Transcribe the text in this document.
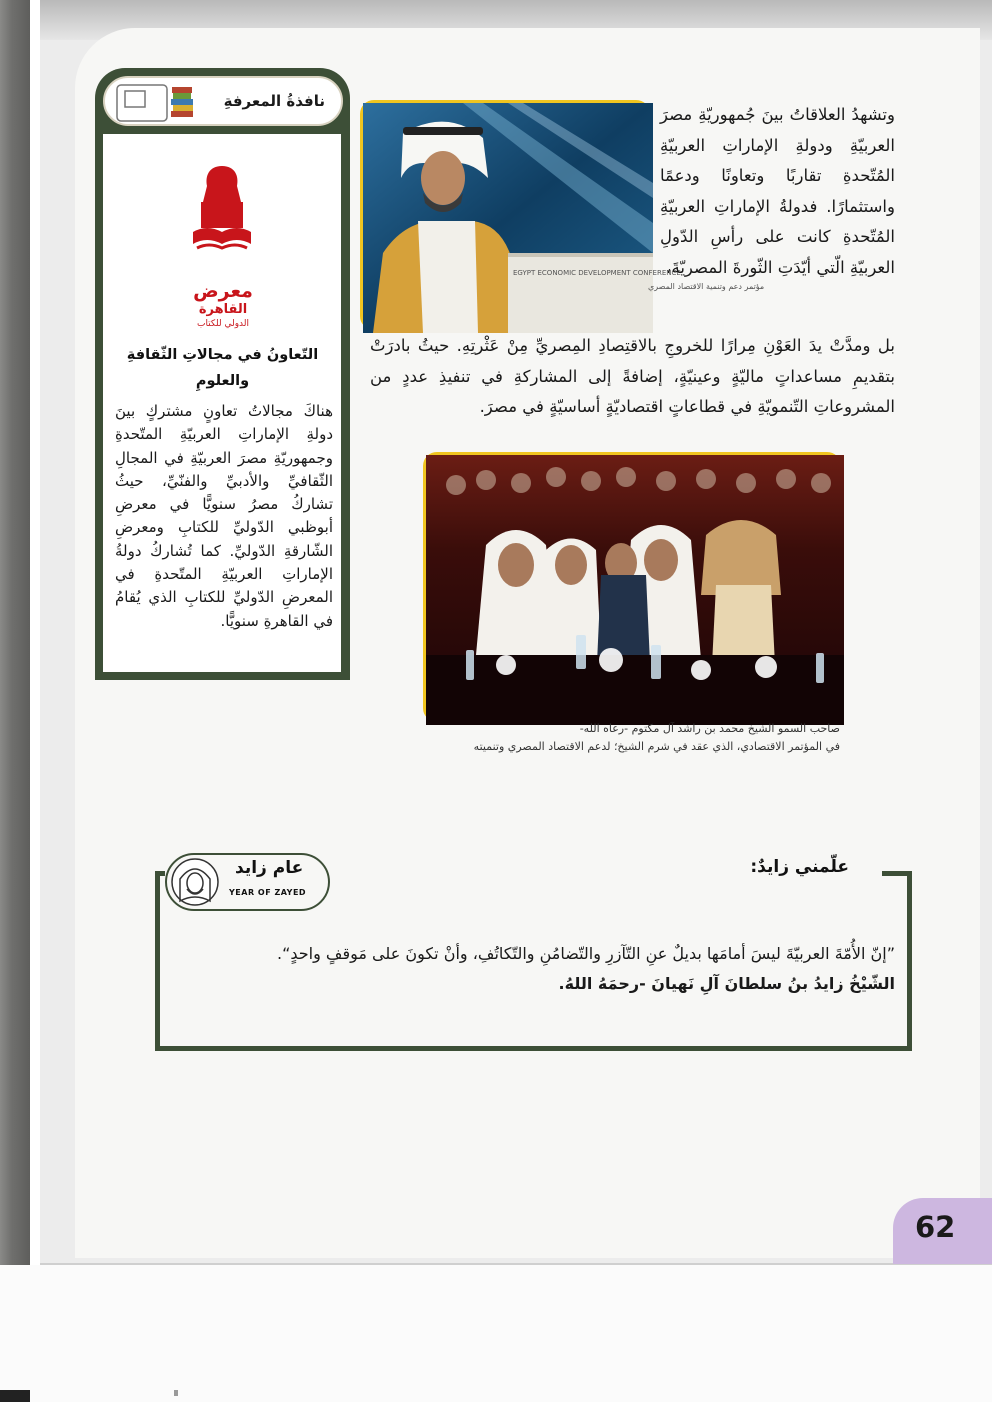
معرض
القاهرة
الدولي للكتاب
التّعاونُ في مجالاتِ الثّقافةِ والعلومِ
هناكَ مجالاتُ تعاونٍ مشتركٍ بينَ دولةِ الإماراتِ العربيّةِ المتّحدةِ وجمهوريّةِ مصرَ العربيّةِ في المجالِ الثّقافيِّ والأدبيِّ والفنّيِّ، حيثُ تشاركُ مصرُ سنويًّا في معرضِ أبوظبي الدّوليِّ للكتابِ ومعرضِ الشّارقةِ الدّوليِّ. كما تُشاركُ دولةُ الإماراتِ العربيّةِ المتّحدةِ في المعرضِ الدّوليِّ للكتابِ الذي يُقامُ في القاهرةِ سنويًّا.
نافذةُ المعرفةِ
EGYPT ECONOMIC DEVELOPMENT CONFERENCE
مؤتمر دعم وتنمية الاقتصاد المصري
وتشهدُ العلاقاتُ بينَ جُمهوريّةِ مصرَ العربيّةِ ودولةِ الإماراتِ العربيّةِ المُتّحدةِ تقاربًا وتعاونًا ودعمًا واستثمارًا. فدولةُ الإماراتِ العربيّةِ المُتّحدةِ كانت على رأسِ الدّولِ العربيّةِ الّتي أيّدَتِ الثّورةَ المصريّةَ،
بل ومدَّتْ يدَ العَوْنِ مِرارًا للخروجِ بالاقتِصادِ المِصريِّ مِنْ عَثْرتِهِ. حيثُ بادرَتْ بتقديمِ مساعداتٍ ماليّةٍ وعينيّةٍ، إضافةً إلى المشاركةِ في تنفيذِ عددٍ من المشروعاتِ التّنمويّةِ في قطاعاتٍ اقتصاديّةٍ أساسيّةٍ في مصرَ.
صاحب السمو الشيخ محمد بن راشد آل مكتوم -رعاه الله-
في المؤتمر الاقتصادي، الذي عقد في شرم الشيخ؛ لدعم الاقتصاد المصري وتنميته
علّمني زايدٌ:
عام زايد
YEAR OF ZAYED
”إنّ الأُمّةَ العربيّةَ ليسَ أمامَها بديلٌ عنِ التّآزرِ والتّضامُنِ والتّكاتُفِ، وأنْ تكونَ على مَوقفٍ واحدٍ“.
الشّيْخُ زايدُ بنُ سلطانَ آلِ نَهيانَ -رحمَهُ اللهُ.
62
